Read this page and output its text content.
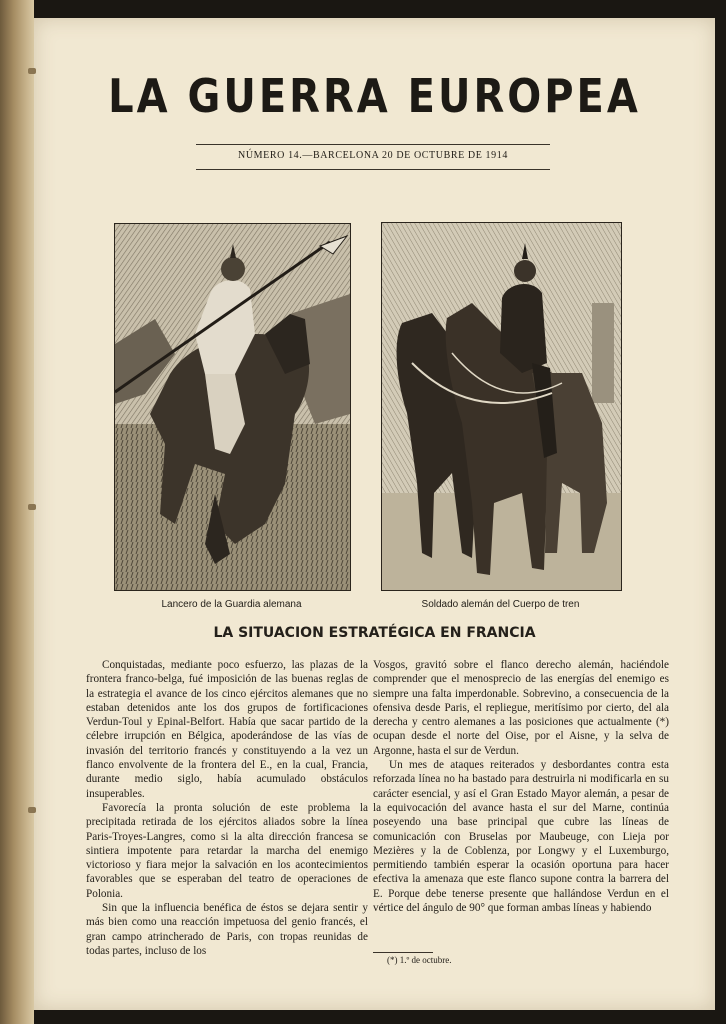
LA GUERRA EUROPEA
NÚMERO 14.—BARCELONA 20 DE OCTUBRE DE 1914
Lancero de la Guardia alemana	Soldado alemán del Cuerpo de tren
LA SITUACION ESTRATÉGICA EN FRANCIA

Conquistadas, mediante poco esfuerzo, las plazas de la frontera franco-belga, fué imposición de las buenas reglas de la estrategia el avance de los cinco ejércitos alemanes que no estaban detenidos ante los dos grupos de fortificaciones Verdun-Toul y Epinal-Belfort. Había que sacar partido de la célebre irrupción en Bélgica, apoderándose de las vías de invasión del territorio francés y constituyendo a la vez un flanco envolvente de la frontera del E., en la cual, Francia, durante medio siglo, había acumulado obstáculos insuperables.

Favorecía la pronta solución de este problema la precipitada retirada de los ejércitos aliados sobre la línea Paris-Troyes-Langres, como si la alta dirección francesa se sintiera impotente para retardar la marcha del enemigo victorioso y fiara mejor la salvación en los acontecimientos favorables que se esperaban del teatro de operaciones de Polonia.

Sin que la influencia benéfica de éstos se dejara sentir y más bien como una reacción impetuosa del genio francés, el gran campo atrincherado de Paris, con tropas reunidas de todas partes, incluso de los

Vosgos, gravitó sobre el flanco derecho alemán, haciéndole comprender que el menosprecio de las energías del enemigo es siempre una falta imperdonable. Sobrevino, a consecuencia de la ofensiva desde Paris, el repliegue, meritísimo por cierto, del ala derecha y centro alemanes a las posiciones que actualmente (*) ocupan desde el norte del Oise, por el Aisne, y la selva de Argonne, hasta el sur de Verdun.

Un mes de ataques reiterados y desbordantes contra esta reforzada línea no ha bastado para destruirla ni modificarla en su carácter esencial, y así el Gran Estado Mayor alemán, a pesar de la equivocación del avance hasta el sur del Marne, continúa poseyendo una base principal que cubre las líneas de comunicación con Bruselas por Maubeuge, con Lieja por Mezières y la de Coblenza, por Longwy y el Luxemburgo, permitiendo también esperar la ocasión oportuna para hacer efectiva la amenaza que este flanco supone contra la barrera del E. Porque debe tenerse presente que hallándose Verdun en el vértice del ángulo de 90° que forman ambas líneas y habiendo

(*) 1.º de octubre.
